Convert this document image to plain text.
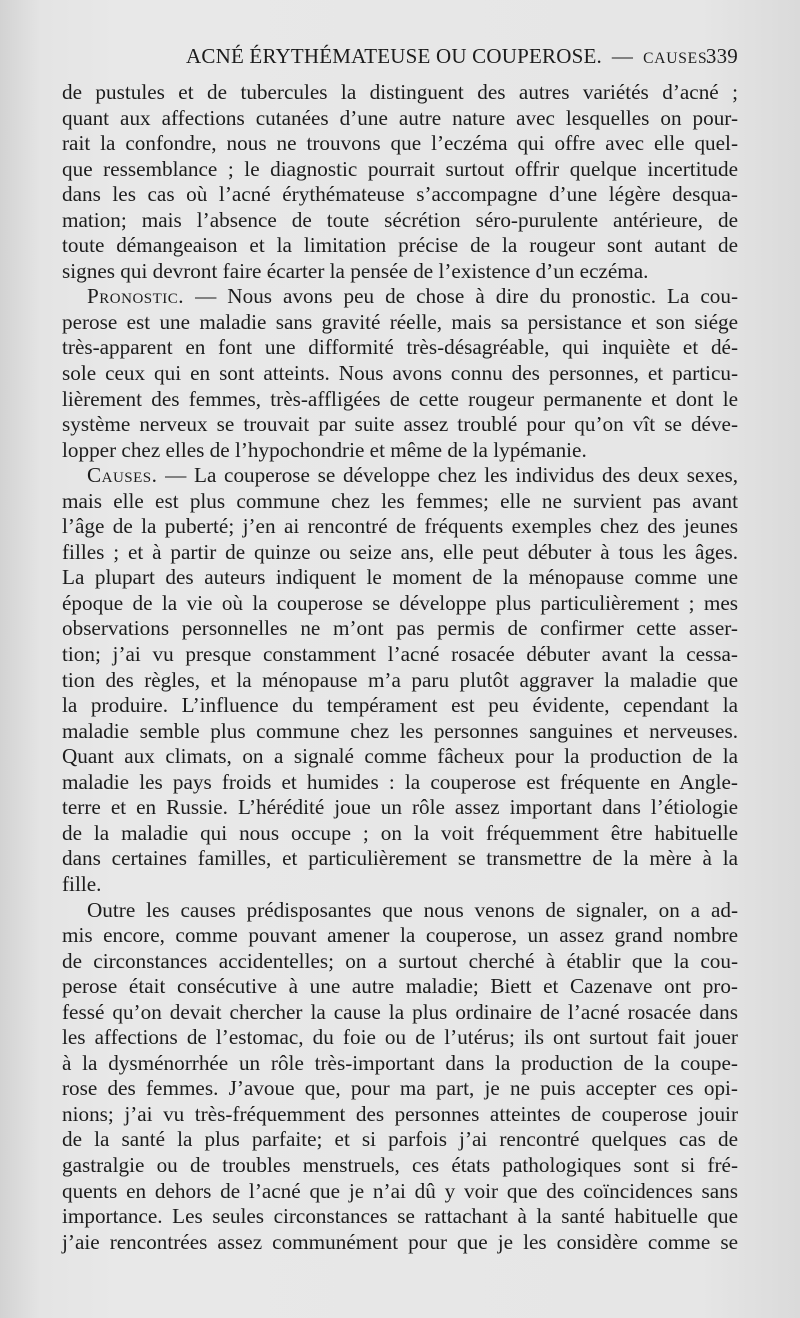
ACNÉ ÉRYTHÉMATEUSE OU COUPEROSE. — CAUSES.
339
de pustules et de tubercules la distinguent des autres variétés d’acné ;
quant aux affections cutanées d’une autre nature avec lesquelles on pour-
rait la confondre, nous ne trouvons que l’eczéma qui offre avec elle quel-
que ressemblance ; le diagnostic pourrait surtout offrir quelque incertitude
dans les cas où l’acné érythémateuse s’accompagne d’une légère desqua-
mation; mais l’absence de toute sécrétion séro-purulente antérieure, de
toute démangeaison et la limitation précise de la rougeur sont autant de
signes qui devront faire écarter la pensée de l’existence d’un eczéma.
Pronostic. — Nous avons peu de chose à dire du pronostic. La cou-
perose est une maladie sans gravité réelle, mais sa persistance et son siége
très-apparent en font une difformité très-désagréable, qui inquiète et dé-
sole ceux qui en sont atteints. Nous avons connu des personnes, et particu-
lièrement des femmes, très-affligées de cette rougeur permanente et dont le
système nerveux se trouvait par suite assez troublé pour qu’on vît se déve-
lopper chez elles de l’hypochondrie et même de la lypémanie.
Causes. — La couperose se développe chez les individus des deux sexes,
mais elle est plus commune chez les femmes; elle ne survient pas avant
l’âge de la puberté; j’en ai rencontré de fréquents exemples chez des jeunes
filles ; et à partir de quinze ou seize ans, elle peut débuter à tous les âges.
La plupart des auteurs indiquent le moment de la ménopause comme une
époque de la vie où la couperose se développe plus particulièrement ; mes
observations personnelles ne m’ont pas permis de confirmer cette asser-
tion; j’ai vu presque constamment l’acné rosacée débuter avant la cessa-
tion des règles, et la ménopause m’a paru plutôt aggraver la maladie que
la produire. L’influence du tempérament est peu évidente, cependant la
maladie semble plus commune chez les personnes sanguines et nerveuses.
Quant aux climats, on a signalé comme fâcheux pour la production de la
maladie les pays froids et humides : la couperose est fréquente en Angle-
terre et en Russie. L’hérédité joue un rôle assez important dans l’étiologie
de la maladie qui nous occupe ; on la voit fréquemment être habituelle
dans certaines familles, et particulièrement se transmettre de la mère à la
fille.
Outre les causes prédisposantes que nous venons de signaler, on a ad-
mis encore, comme pouvant amener la couperose, un assez grand nombre
de circonstances accidentelles; on a surtout cherché à établir que la cou-
perose était consécutive à une autre maladie; Biett et Cazenave ont pro-
fessé qu’on devait chercher la cause la plus ordinaire de l’acné rosacée dans
les affections de l’estomac, du foie ou de l’utérus; ils ont surtout fait jouer
à la dysménorrhée un rôle très-important dans la production de la coupe-
rose des femmes. J’avoue que, pour ma part, je ne puis accepter ces opi-
nions; j’ai vu très-fréquemment des personnes atteintes de couperose jouir
de la santé la plus parfaite; et si parfois j’ai rencontré quelques cas de
gastralgie ou de troubles menstruels, ces états pathologiques sont si fré-
quents en dehors de l’acné que je n’ai dû y voir que des coïncidences sans
importance. Les seules circonstances se rattachant à la santé habituelle que
j’aie rencontrées assez communément pour que je les considère comme se
